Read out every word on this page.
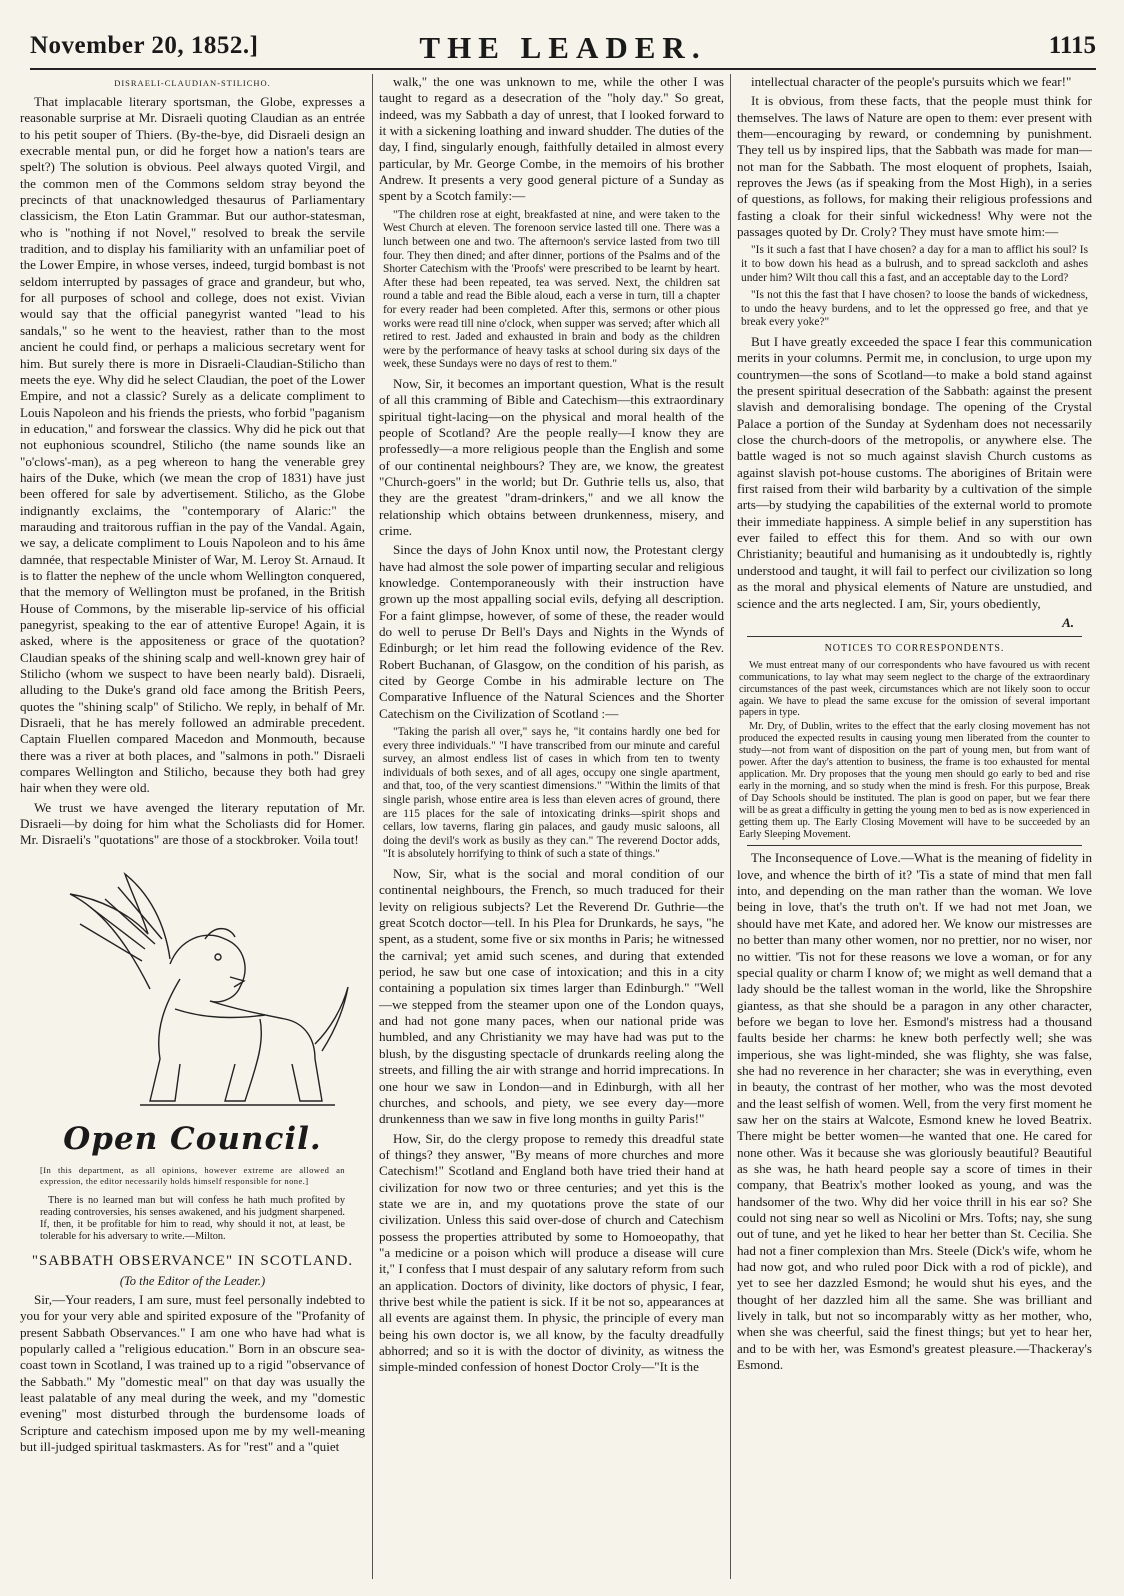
November 20, 1852.]	THE LEADER.	1115
DISRAELI-CLAUDIAN-STILICHO.

That implacable literary sportsman, the Globe, expresses a reasonable surprise at Mr. Disraeli quoting Claudian as an entrée to his petit souper of Thiers. (By-the-bye, did Disraeli design an execrable mental pun, or did he forget how a nation's tears are spelt?) The solution is obvious. Peel always quoted Virgil, and the common men of the Commons seldom stray beyond the precincts of that unacknowledged thesaurus of Parliamentary classicism, the Eton Latin Grammar. But our author-statesman, who is "nothing if not Novel," resolved to break the servile tradition, and to display his familiarity with an unfamiliar poet of the Lower Empire, in whose verses, indeed, turgid bombast is not seldom interrupted by passages of grace and grandeur, but who, for all purposes of school and college, does not exist. Vivian would say that the official panegyrist wanted "lead to his sandals," so he went to the heaviest, rather than to the most ancient he could find, or perhaps a malicious secretary went for him. But surely there is more in Disraeli-Claudian-Stilicho than meets the eye. Why did he select Claudian, the poet of the Lower Empire, and not a classic? Surely as a delicate compliment to Louis Napoleon and his friends the priests, who forbid "paganism in education," and forswear the classics. Why did he pick out that not euphonious scoundrel, Stilicho (the name sounds like an "o'clows'-man), as a peg whereon to hang the venerable grey hairs of the Duke, which (we mean the crop of 1831) have just been offered for sale by advertisement. Stilicho, as the Globe indignantly exclaims, the "contemporary of Alaric:" the marauding and traitorous ruffian in the pay of the Vandal. Again, we say, a delicate compliment to Louis Napoleon and to his âme damnée, that respectable Minister of War, M. Leroy St. Arnaud. It is to flatter the nephew of the uncle whom Wellington conquered, that the memory of Wellington must be profaned, in the British House of Commons, by the miserable lip-service of his official panegyrist, speaking to the ear of attentive Europe! Again, it is asked, where is the appositeness or grace of the quotation? Claudian speaks of the shining scalp and well-known grey hair of Stilicho (whom we suspect to have been nearly bald). Disraeli, alluding to the Duke's grand old face among the British Peers, quotes the "shining scalp" of Stilicho. We reply, in behalf of Mr. Disraeli, that he has merely followed an admirable precedent. Captain Fluellen compared Macedon and Monmouth, because there was a river at both places, and "salmons in poth." Disraeli compares Wellington and Stilicho, because they both had grey hair when they were old.

We trust we have avenged the literary reputation of Mr. Disraeli—by doing for him what the Scholiasts did for Homer. Mr. Disraeli's "quotations" are those of a stockbroker. Voila tout!

Open Council.
[In this department, as all opinions, however extreme are allowed an expression, the editor necessarily holds himself responsible for none.]
There is no learned man but will confess he hath much profited by reading controversies, his senses awakened, and his judgment sharpened. If, then, it be profitable for him to read, why should it not, at least, be tolerable for his adversary to write.—Milton.
"SABBATH OBSERVANCE" IN SCOTLAND.
(To the Editor of the Leader.)

Sir,—Your readers, I am sure, must feel personally indebted to you for your very able and spirited exposure of the "Profanity of present Sabbath Observances." I am one who have had what is popularly called a "religious education." Born in an obscure sea-coast town in Scotland, I was trained up to a rigid "observance of the Sabbath." My "domestic meal" on that day was usually the least palatable of any meal during the week, and my "domestic evening" most disturbed through the burdensome loads of Scripture and catechism imposed upon me by my well-meaning but ill-judged spiritual taskmasters. As for "rest" and a "quiet

walk," the one was unknown to me, while the other I was taught to regard as a desecration of the "holy day." So great, indeed, was my Sabbath a day of unrest, that I looked forward to it with a sickening loathing and inward shudder. The duties of the day, I find, singularly enough, faithfully detailed in almost every particular, by Mr. George Combe, in the memoirs of his brother Andrew. It presents a very good general picture of a Sunday as spent by a Scotch family:—

"The children rose at eight, breakfasted at nine, and were taken to the West Church at eleven. The forenoon service lasted till one. There was a lunch between one and two. The afternoon's service lasted from two till four. They then dined; and after dinner, portions of the Psalms and of the Shorter Catechism with the 'Proofs' were prescribed to be learnt by heart. After these had been repeated, tea was served. Next, the children sat round a table and read the Bible aloud, each a verse in turn, till a chapter for every reader had been completed. After this, sermons or other pious works were read till nine o'clock, when supper was served; after which all retired to rest. Jaded and exhausted in brain and body as the children were by the performance of heavy tasks at school during six days of the week, these Sundays were no days of rest to them."

Now, Sir, it becomes an important question, What is the result of all this cramming of Bible and Catechism—this extraordinary spiritual tight-lacing—on the physical and moral health of the people of Scotland? Are the people really—I know they are professedly—a more religious people than the English and some of our continental neighbours? They are, we know, the greatest "Church-goers" in the world; but Dr. Guthrie tells us, also, that they are the greatest "dram-drinkers," and we all know the relationship which obtains between drunkenness, misery, and crime.

Since the days of John Knox until now, the Protestant clergy have had almost the sole power of imparting secular and religious knowledge. Contemporaneously with their instruction have grown up the most appalling social evils, defying all description. For a faint glimpse, however, of some of these, the reader would do well to peruse Dr Bell's Days and Nights in the Wynds of Edinburgh; or let him read the following evidence of the Rev. Robert Buchanan, of Glasgow, on the condition of his parish, as cited by George Combe in his admirable lecture on The Comparative Influence of the Natural Sciences and the Shorter Catechism on the Civilization of Scotland :—

"Taking the parish all over," says he, "it contains hardly one bed for every three individuals." "I have transcribed from our minute and careful survey, an almost endless list of cases in which from ten to twenty individuals of both sexes, and of all ages, occupy one single apartment, and that, too, of the very scantiest dimensions." "Within the limits of that single parish, whose entire area is less than eleven acres of ground, there are 115 places for the sale of intoxicating drinks—spirit shops and cellars, low taverns, flaring gin palaces, and gaudy music saloons, all doing the devil's work as busily as they can." The reverend Doctor adds, "It is absolutely horrifying to think of such a state of things."

Now, Sir, what is the social and moral condition of our continental neighbours, the French, so much traduced for their levity on religious subjects? Let the Reverend Dr. Guthrie—the great Scotch doctor—tell. In his Plea for Drunkards, he says, "he spent, as a student, some five or six months in Paris; he witnessed the carnival; yet amid such scenes, and during that extended period, he saw but one case of intoxication; and this in a city containing a population six times larger than Edinburgh." "Well—we stepped from the steamer upon one of the London quays, and had not gone many paces, when our national pride was humbled, and any Christianity we may have had was put to the blush, by the disgusting spectacle of drunkards reeling along the streets, and filling the air with strange and horrid imprecations. In one hour we saw in London—and in Edinburgh, with all her churches, and schools, and piety, we see every day—more drunkenness than we saw in five long months in guilty Paris!"

How, Sir, do the clergy propose to remedy this dreadful state of things? they answer, "By means of more churches and more Catechism!" Scotland and England both have tried their hand at civilization for now two or three centuries; and yet this is the state we are in, and my quotations prove the state of our civilization. Unless this said over-dose of church and Catechism possess the properties attributed by some to Homoeopathy, that "a medicine or a poison which will produce a disease will cure it," I confess that I must despair of any salutary reform from such an application. Doctors of divinity, like doctors of physic, I fear, thrive best while the patient is sick. If it be not so, appearances at all events are against them. In physic, the principle of every man being his own doctor is, we all know, by the faculty dreadfully abhorred; and so it is with the doctor of divinity, as witness the simple-minded confession of honest Doctor Croly—"It is the

intellectual character of the people's pursuits which we fear!"

It is obvious, from these facts, that the people must think for themselves. The laws of Nature are open to them: ever present with them—encouraging by reward, or condemning by punishment. They tell us by inspired lips, that the Sabbath was made for man—not man for the Sabbath. The most eloquent of prophets, Isaiah, reproves the Jews (as if speaking from the Most High), in a series of questions, as follows, for making their religious professions and fasting a cloak for their sinful wickedness! Why were not the passages quoted by Dr. Croly? They must have smote him:—

"Is it such a fast that I have chosen? a day for a man to afflict his soul? Is it to bow down his head as a bulrush, and to spread sackcloth and ashes under him? Wilt thou call this a fast, and an acceptable day to the Lord?

"Is not this the fast that I have chosen? to loose the bands of wickedness, to undo the heavy burdens, and to let the oppressed go free, and that ye break every yoke?"

But I have greatly exceeded the space I fear this communication merits in your columns. Permit me, in conclusion, to urge upon my countrymen—the sons of Scotland—to make a bold stand against the present spiritual desecration of the Sabbath: against the present slavish and demoralising bondage. The opening of the Crystal Palace a portion of the Sunday at Sydenham does not necessarily close the church-doors of the metropolis, or anywhere else. The battle waged is not so much against slavish Church customs as against slavish pot-house customs. The aborigines of Britain were first raised from their wild barbarity by a cultivation of the simple arts—by studying the capabilities of the external world to promote their immediate happiness. A simple belief in any superstition has ever failed to effect this for them. And so with our own Christianity; beautiful and humanising as it undoubtedly is, rightly understood and taught, it will fail to perfect our civilization so long as the moral and physical elements of Nature are unstudied, and science and the arts neglected. I am, Sir, yours obediently,

A.
NOTICES TO CORRESPONDENTS.

We must entreat many of our correspondents who have favoured us with recent communications, to lay what may seem neglect to the charge of the extraordinary circumstances of the past week, circumstances which are not likely soon to occur again. We have to plead the same excuse for the omission of several important papers in type.

Mr. Dry, of Dublin, writes to the effect that the early closing movement has not produced the expected results in causing young men liberated from the counter to study—not from want of disposition on the part of young men, but from want of power. After the day's attention to business, the frame is too exhausted for mental application. Mr. Dry proposes that the young men should go early to bed and rise early in the morning, and so study when the mind is fresh. For this purpose, Break of Day Schools should be instituted. The plan is good on paper, but we fear there will be as great a difficulty in getting the young men to bed as is now experienced in getting them up. The Early Closing Movement will have to be succeeded by an Early Sleeping Movement.

The Inconsequence of Love.—What is the meaning of fidelity in love, and whence the birth of it? 'Tis a state of mind that men fall into, and depending on the man rather than the woman. We love being in love, that's the truth on't. If we had not met Joan, we should have met Kate, and adored her. We know our mistresses are no better than many other women, nor no prettier, nor no wiser, nor no wittier. 'Tis not for these reasons we love a woman, or for any special quality or charm I know of; we might as well demand that a lady should be the tallest woman in the world, like the Shropshire giantess, as that she should be a paragon in any other character, before we began to love her. Esmond's mistress had a thousand faults beside her charms: he knew both perfectly well; she was imperious, she was light-minded, she was flighty, she was false, she had no reverence in her character; she was in everything, even in beauty, the contrast of her mother, who was the most devoted and the least selfish of women. Well, from the very first moment he saw her on the stairs at Walcote, Esmond knew he loved Beatrix. There might be better women—he wanted that one. He cared for none other. Was it because she was gloriously beautiful? Beautiful as she was, he hath heard people say a score of times in their company, that Beatrix's mother looked as young, and was the handsomer of the two. Why did her voice thrill in his ear so? She could not sing near so well as Nicolini or Mrs. Tofts; nay, she sung out of tune, and yet he liked to hear her better than St. Cecilia. She had not a finer complexion than Mrs. Steele (Dick's wife, whom he had now got, and who ruled poor Dick with a rod of pickle), and yet to see her dazzled Esmond; he would shut his eyes, and the thought of her dazzled him all the same. She was brilliant and lively in talk, but not so incomparably witty as her mother, who, when she was cheerful, said the finest things; but yet to hear her, and to be with her, was Esmond's greatest pleasure.—Thackeray's Esmond.
